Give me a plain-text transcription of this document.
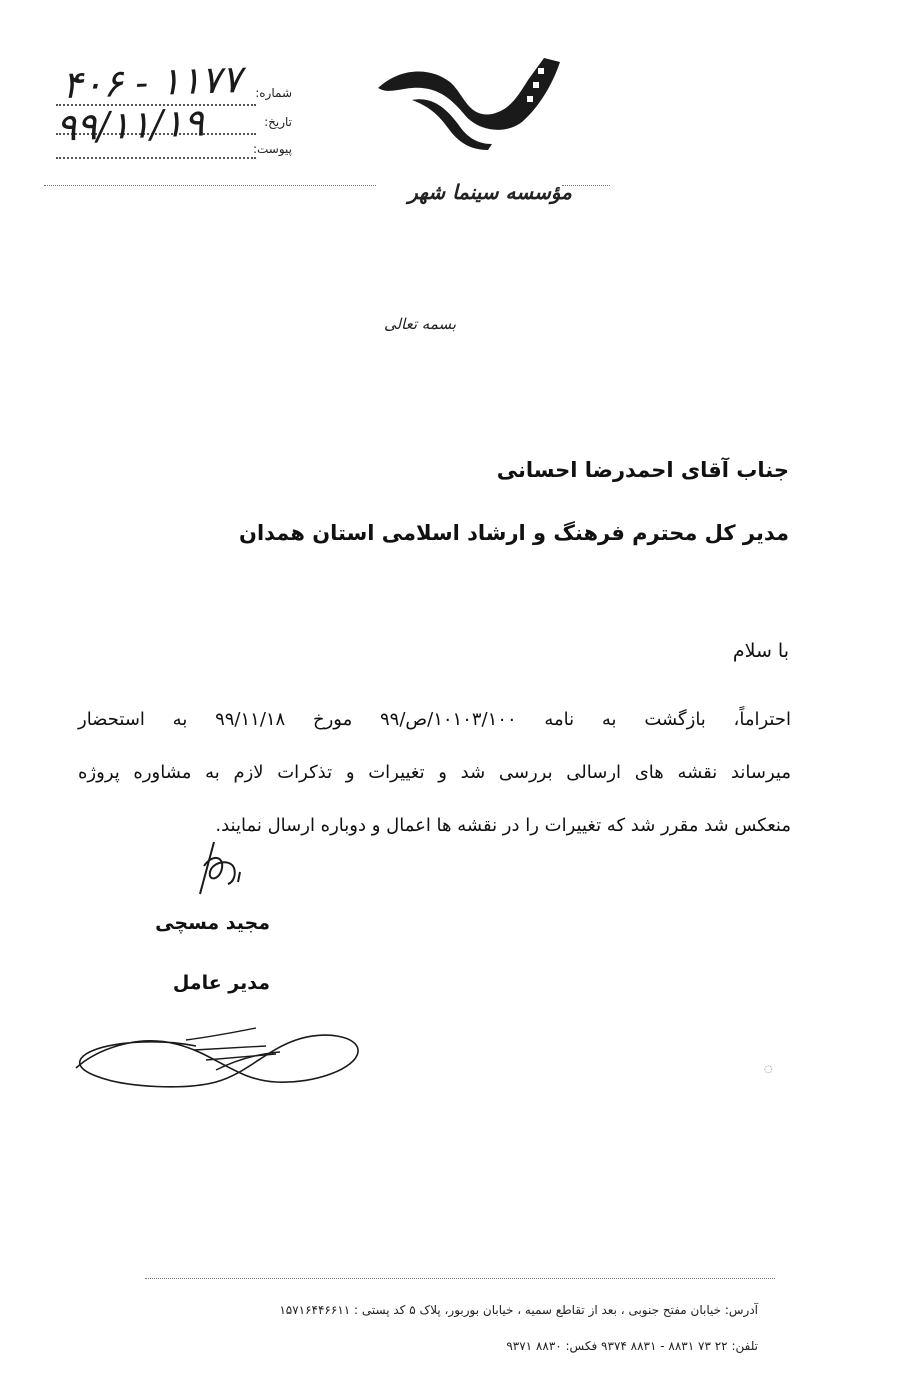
شماره:
۴۰۶ - ۱۱۷۷
تاریخ:
۹۹/۱۱/۱۹	پیوست:
مؤسسه سینما شهر
بسمه تعالی
جناب آقای احمدرضا احسانی
مدیر کل محترم فرهنگ و ارشاد اسلامی استان همدان
با سلام
احتراماً، بازگشت به نامه ۱۰۱۰۳/۱۰۰/ص/۹۹ مورخ ۹۹/۱۱/۱۸ به استحضار
میرساند نقشه های ارسالی بررسی شد و تغییرات و تذکرات لازم به مشاوره پروژه
منعکس شد مقرر شد که تغییرات را در نقشه ها اعمال و دوباره ارسال نمایند.
مجید مسچی
مدیر عامل
◌
آدرس: خیابان مفتح جنوبی ، بعد از تقاطع سمیه ، خیابان بوربور، پلاک ۵ کد پستی : ۱۵۷۱۶۴۴۶۶۱۱
تلفن: ۲۲ ۷۳ ۸۸۳۱ - ۸۸۳۱ ۹۳۷۴ فکس: ۸۸۳۰ ۹۳۷۱
